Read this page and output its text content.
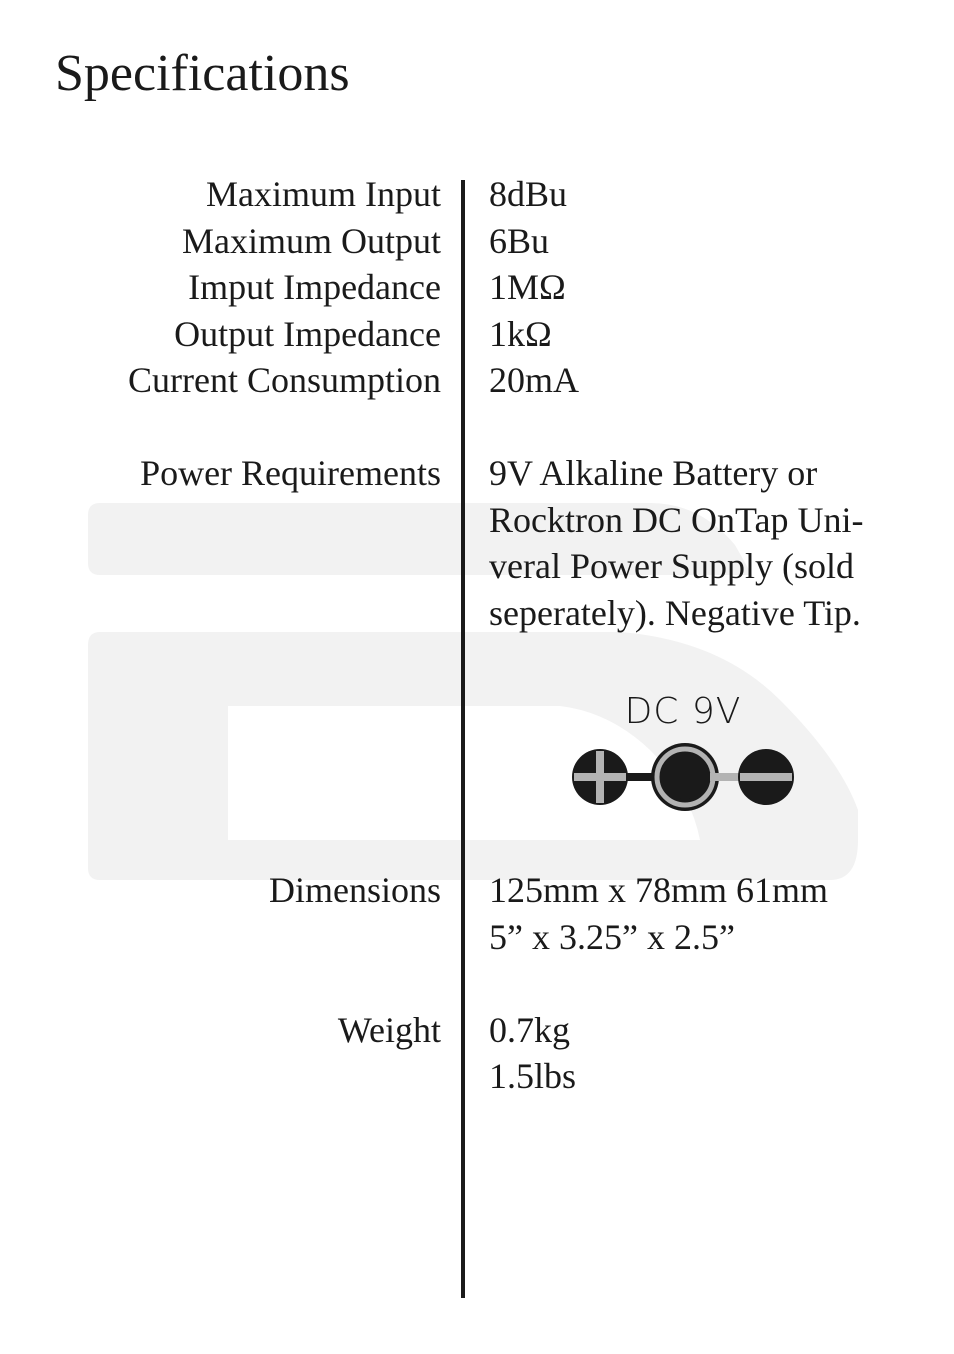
Specifications

Maximum Input 8dBu

Maximum Output 6Bu

Imput Impedance 1MΩ

Output Impedance 1kΩ

Current Consumption 20mA

Power Requirements 9V Alkaline Battery or

Rocktron DC OnTap Uni-

veral Power Supply (sold

seperately). Negative Tip.

DC 9V

Dimensions 125mm x 78mm 61mm

5” x 3.25” x 2.5”

Weight 0.7kg

1.5lbs
